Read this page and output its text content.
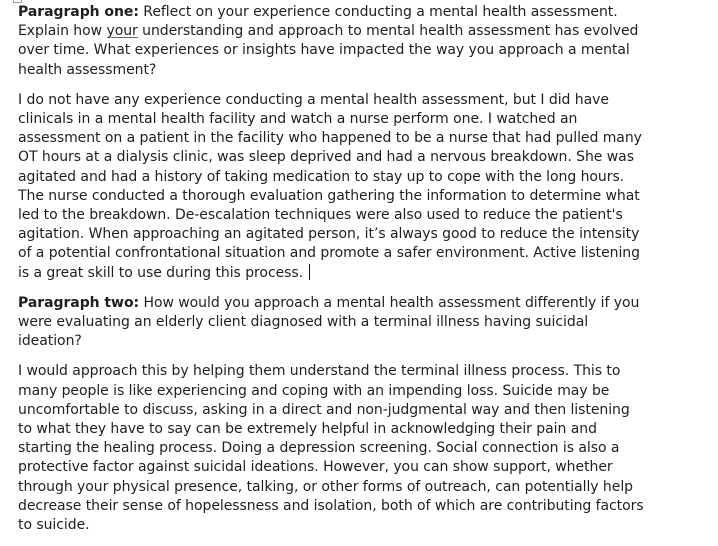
Paragraph one: Reflect on your experience conducting a mental health assessment. Explain how your understanding and approach to mental health assessment has evolved over time. What experiences or insights have impacted the way you approach a mental health assessment?

I do not have any experience conducting a mental health assessment, but I did have clinicals in a mental health facility and watch a nurse perform one. I watched an assessment on a patient in the facility who happened to be a nurse that had pulled many OT hours at a dialysis clinic, was sleep deprived and had a nervous breakdown. She was agitated and had a history of taking medication to stay up to cope with the long hours. The nurse conducted a thorough evaluation gathering the information to determine what led to the breakdown. De-escalation techniques were also used to reduce the patient's agitation. When approaching an agitated person, it’s always good to reduce the intensity of a potential confrontational situation and promote a safer environment. Active listening is a great skill to use during this process.

Paragraph two: How would you approach a mental health assessment differently if you were evaluating an elderly client diagnosed with a terminal illness having suicidal ideation?

I would approach this by helping them understand the terminal illness process. This to many people is like experiencing and coping with an impending loss. Suicide may be uncomfortable to discuss, asking in a direct and non-judgmental way and then listening to what they have to say can be extremely helpful in acknowledging their pain and starting the healing process. Doing a depression screening. Social connection is also a protective factor against suicidal ideations. However, you can show support, whether through your physical presence, talking, or other forms of outreach, can potentially help decrease their sense of hopelessness and isolation, both of which are contributing factors to suicide.
